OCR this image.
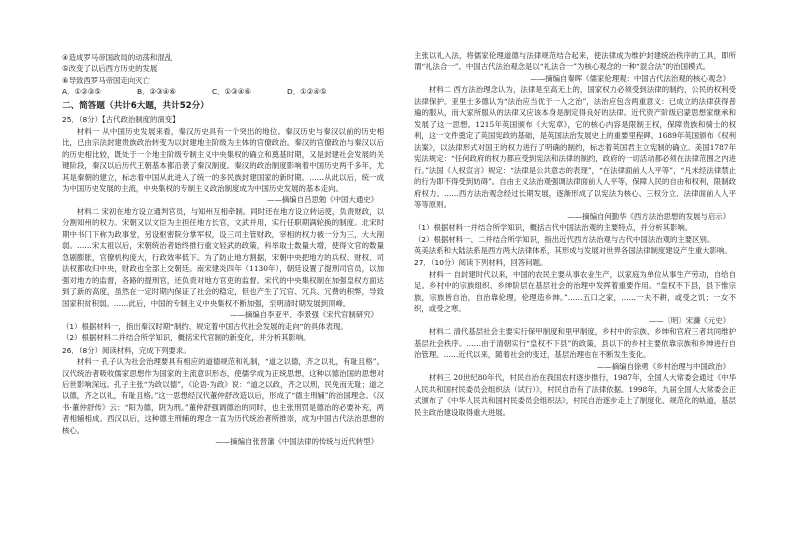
④造成罗马帝国政局的动荡和混乱
⑤改变了以后西方历史的发展
⑥导致西罗马帝国走向灭亡
A．①②③⑤	B．②③④⑥	C．①③④⑥	D．①②④⑤
二、简答题（共计6大题，共计52分）
25．（8分）【古代政治制度的演变】

材料一 从中国历史发展来看，秦汉历史具有一个突出的地位。秦汉历史与秦汉以前的历史相比，已由宗法封建贵族政治转变为以封建地主阶级为主体的官僚政治。秦汉的官僚政治与秦汉以后的历史相比较，既处于一个地主阶级专制主义中央集权的确立和奠基时期，又是封建社会发展的关键阶段，秦汉以后历代王朝基本都沿袭了秦汉制度。秦汉的政治制度影响着中国历史两千多年，尤其是秦朝的建立，标志着中国从此进入了统一的多民族封建国家的新时期。……从此以后，统一成为中国历史发展的主流，中央集权的专制主义政治制度成为中国历史发展的基本走向。

——摘编自吕思勉《中国大通史》

材料二 宋初在地方设立通判官员，与知州互相牵制。同时还在地方设立转运使，负责财政，以分割知州的权力。宋朝又以文臣为主担任地方长官，文武并用，实行任职期满轮换的制度。北宋时期中书门下称为政事堂，另设枢密院分掌军权，设三司主管财政，宰相的权力被一分为三，大大削弱。……宋太祖以后，宋朝统治者始终推行重文轻武的政策，科举取士数量大增，使得文官的数量急剧膨胀，官僚机构庞大，行政效率低下。为了防止地方割据，宋朝中央把地方的兵权、财权、司法权都收归中央，财政也全部上交朝廷。南宋建炎四年（1130年），朝廷设置了提刑司官员，以加强对地方的监督，各路的提刑官，还负责对地方官吏的监督。宋代的中央集权制在加强皇权方面达到了新的高度，虽然在一定时期内保证了社会的稳定，但也产生了冗官、冗兵、冗费的积弊，导致国家积贫积弱。……此后，中国的专制主义中央集权不断加强，至明清时期发展到顶峰。

——摘编自李亚平、李景强《宋代官制研究》
（1）根据材料一，指出秦汉时期“制约、规定着中国古代社会发展的走向”的具体表现。
（2）根据材料二并结合所学知识，概括宋代官制的新变化，并分析其影响。
26．（8分）阅读材料，完成下列要求。

材料一 孔子认为社会治理要具有相应的道德规范和礼制，“道之以德，齐之以礼，有耻且格”。汉代统治者吸收儒家思想作为国家的主流意识形态，使儒学成为正统思想，这种以德治国的思想对后世影响深远。孔子主张“为政以德”，《论语·为政》说：“道之以政，齐之以刑，民免而无耻；道之以德，齐之以礼，有耻且格。”这一思想经汉代董仲舒改造以后，形成了“德主刑辅”的治国理念。《汉书·董仲舒传》云：“阳为德，阴为刑。”董仲舒强调德治的同时，也主张刑罚是德治的必要补充，两者相辅相成。西汉以后，这种德主刑辅的理念一直为历代统治者所推崇，成为中国古代法治思想的核心。

——摘编自张晋藩《中国法律的传统与近代转型》

主张以礼入法，将儒家伦理道德与法律规范结合起来，使法律成为维护封建统治秩序的工具，即所谓“礼法合一”。中国古代法治观念是以“礼法合一”为核心观念的一种“混合法”的治国模式。

——摘编自秦晖《儒家伦理观：中国古代法治观的核心观念》

材料二 西方法治理念认为，法律是至高无上的，国家权力必须受到法律的制约，公民的权利受法律保护。亚里士多德认为“法治应当优于一人之治”，法治应包含两重意义：已成立的法律获得普遍的服从，而大家所服从的法律又应该本身是制定得良好的法律。近代资产阶级启蒙思想家继承和发展了这一思想。1215年英国颁布《大宪章》，它的核心内容是限制王权，保障贵族和骑士的权利，这一文件奠定了英国宪政的基础，是英国法治发展史上的重要里程碑。1689年英国颁布《权利法案》，以法律形式对国王的权力进行了明确的制约，标志着英国君主立宪制的确立。美国1787年宪法规定：“任何政府的权力都应受到宪法和法律的制约，政府的一切活动都必须在法律范围之内进行。”法国《人权宣言》规定：“法律是公共意志的表现”，“在法律面前人人平等”，“凡未经法律禁止的行为即不得受到妨碍”。自由主义法治观强调法律面前人人平等，保障人民的自由和权利，限制政府权力。……西方法治观念经过长期发展，逐渐形成了以宪法为核心、三权分立、法律面前人人平等等原则。

——摘编自何勤华《西方法治思想的发展与启示》
（1）根据材料一并结合所学知识，概括古代中国法治观的主要特点，并分析其影响。
（2）根据材料一、二并结合所学知识，指出近代西方法治观与古代中国法治观的主要区别。
英美法系和大陆法系是西方两大法律体系，其形成与发展对世界各国法律制度建设产生重大影响。
27．（10分）阅读下列材料，回答问题。

材料一 自封建时代以来，中国的农民主要从事农业生产，以家庭为单位从事生产劳动，自给自足。乡村中的宗族组织、乡绅阶层在基层社会的治理中发挥着重要作用。“皇权不下县，县下惟宗族，宗族皆自治，自治靠伦理，伦理造乡绅。”……五口之家，……一夫不耕，或受之饥；一女不织，或受之寒。

——〔明〕宋濂《元史》

材料二 清代基层社会主要实行保甲制度和里甲制度，乡村中的宗族、乡绅和官府三者共同维护基层社会秩序。……由于清朝实行“皇权不下县”的政策，县以下的乡村主要依靠宗族和乡绅进行自治管理。……近代以来，随着社会的变迁，基层治理也在不断发生变化。

——摘编自徐勇《乡村治理与中国政治》

材料三 20世纪80年代，村民自治在我国农村逐步推行，1987年，全国人大常委会通过《中华人民共和国村民委员会组织法（试行）》，村民自治有了法律依据。1998年，九届全国人大常委会正式颁布了《中华人民共和国村民委员会组织法》，村民自治逐步走上了制度化、规范化的轨道，基层民主政治建设取得重大进展。
